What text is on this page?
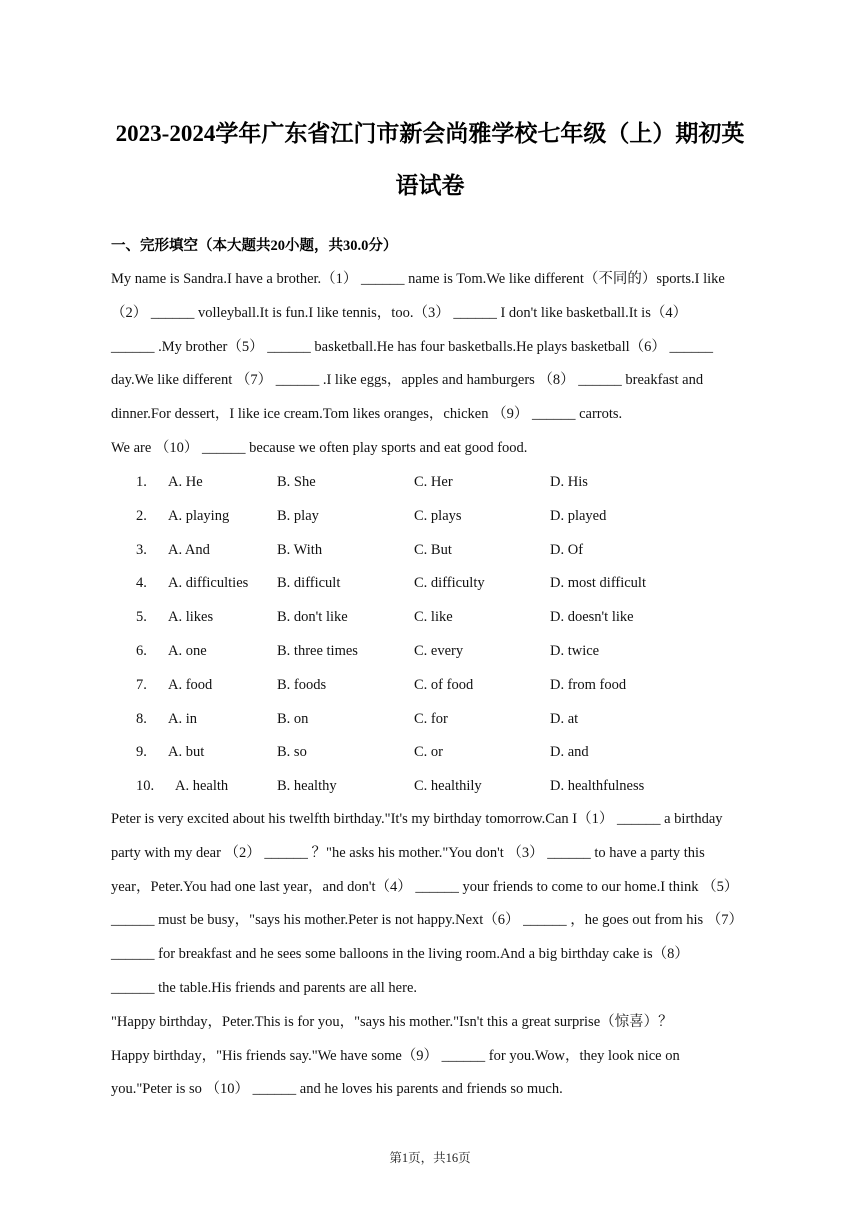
2023-2024学年广东省江门市新会尚雅学校七年级（上）期初英
语试卷
一、完形填空（本大题共20小题，共30.0分）
My name is Sandra.I have a brother.（1） ______ name is Tom.We like different（不同的）sports.I like
（2） ______ volleyball.It is fun.I like tennis，too.（3） ______ I don't like basketball.It is（4）
______ .My brother（5） ______ basketball.He has four basketballs.He plays basketball（6） ______
day.We like different （7） ______ .I like eggs，apples and hamburgers （8） ______ breakfast and
dinner.For dessert，I like ice cream.Tom likes oranges，chicken （9） ______ carrots.
We are （10） ______ because we often play sports and eat good food.
1. A. He	B. She	C. Her	D. His
2. A. playing	B. play	C. plays	D. played
3. A. And	B. With	C. But	D. Of
4. A. difficulties B. difficult	C. difficulty	D. most difficult
5. A. likes	B. don't like	C. like	D. doesn't like
6. A. one	B. three times	C. every	D. twice
7. A. food	B. foods	C. of food	D. from food
8. A. in	B. on	C. for	D. at
9. A. but	B. so	C. or	D. and
10. A. health	B. healthy	C. healthily	D. healthfulness
Peter is very excited about his twelfth birthday."It's my birthday tomorrow.Can I（1） ______ a birthday
party with my dear （2） ______ ？"he asks his mother."You don't （3） ______ to have a party this
year，Peter.You had one last year，and don't（4） ______ your friends to come to our home.I think （5）
______ must be busy，"says his mother.Peter is not happy.Next（6） ______ ，he goes out from his （7）
______ for breakfast and he sees some balloons in the living room.And a big birthday cake is（8）
______ the table.His friends and parents are all here.
"Happy birthday，Peter.This is for you，"says his mother."Isn't this a great surprise（惊喜）？
Happy birthday，"His friends say."We have some（9） ______ for you.Wow，they look nice on
you."Peter is so （10） ______ and he loves his parents and friends so much.
第1页，共16页
